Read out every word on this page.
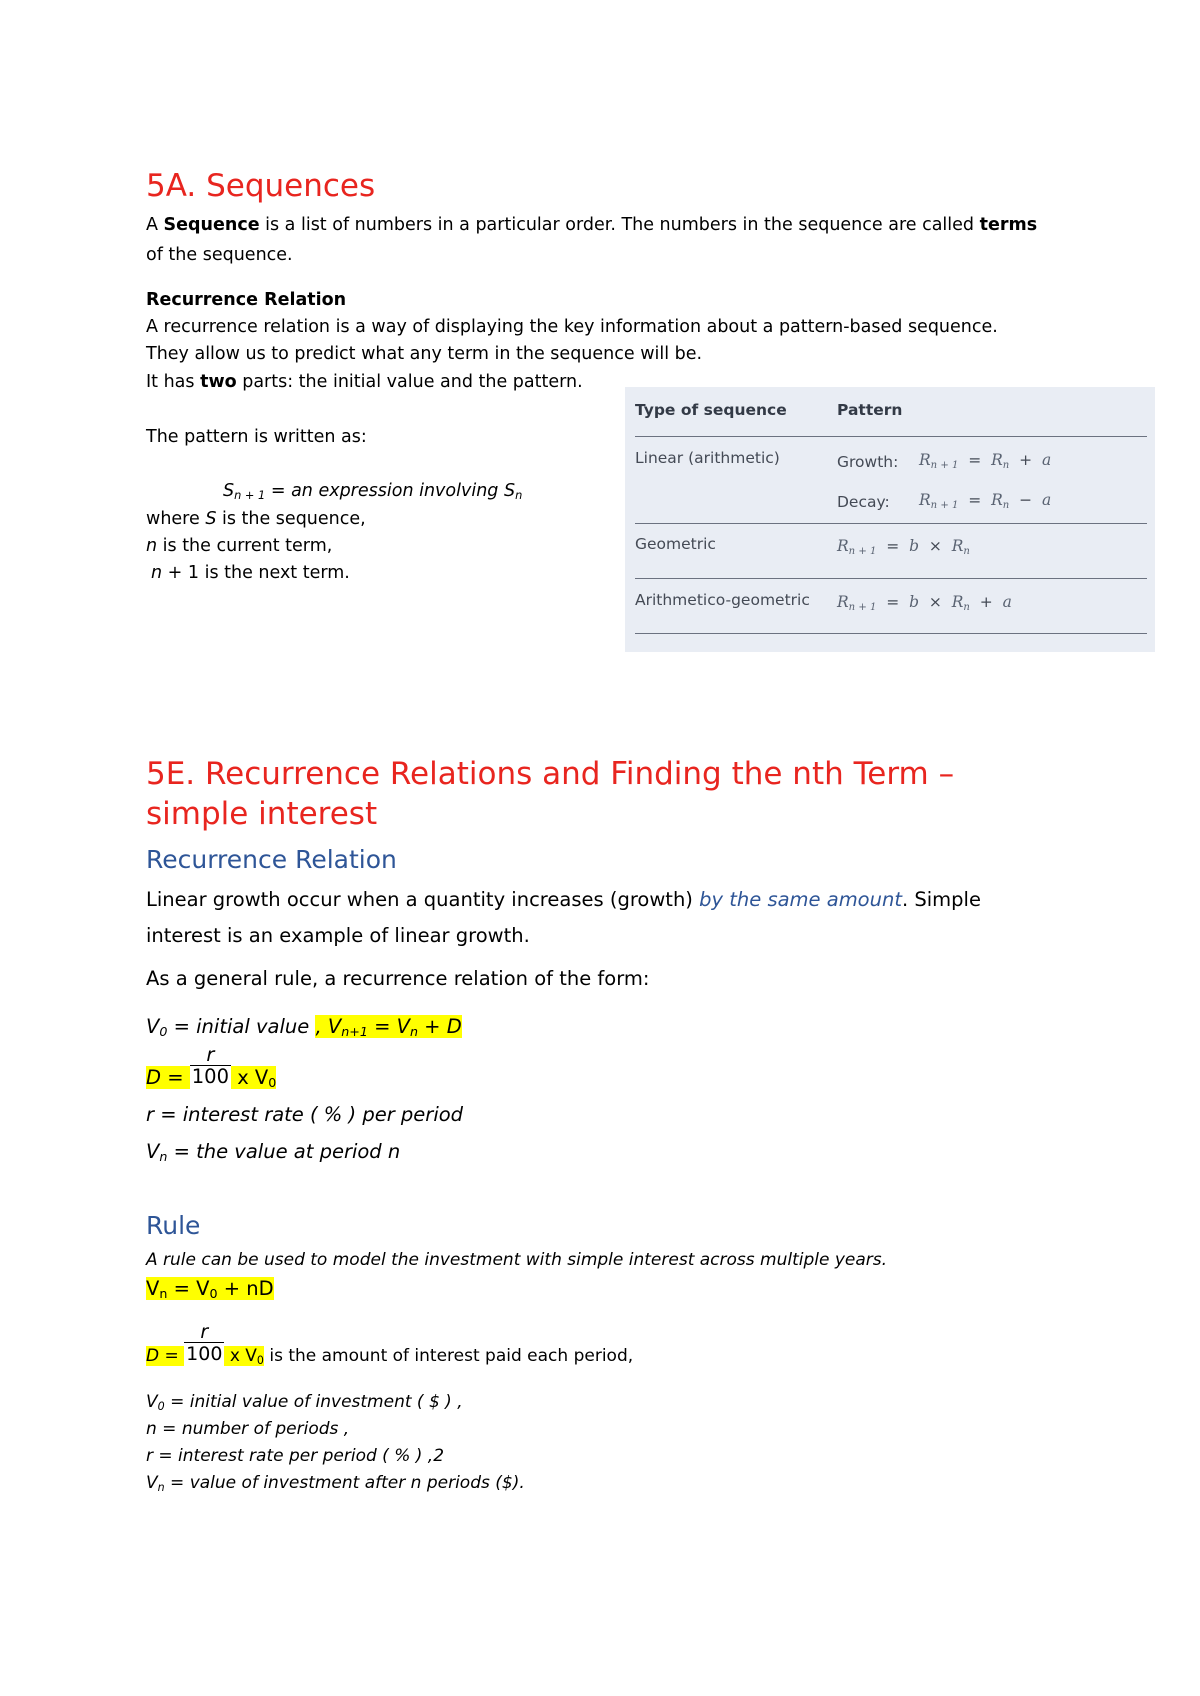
5A. Sequences
A Sequence is a list of numbers in a particular order. The numbers in the sequence are called terms
of the sequence.
Recurrence Relation
A recurrence relation is a way of displaying the key information about a pattern-based sequence.
They allow us to predict what any term in the sequence will be.
It has two parts: the initial value and the pattern.
The pattern is written as:
$S_{n + 1}$ = an expression involving $S_n$
where S is the sequence,
n is the current term,
n + 1 is the next term.
Type of sequence	Pattern
Linear (arithmetic)	Growth: $R_{n + 1} = R_n + a$
Decay: $R_{n + 1} = R_n - a$
Geometric	$R_{n + 1} = b \times R_n$
Arithmetico-geometric $R_{n + 1} = b \times R_n + a$
5E. Recurrence Relations and Finding the nth Term –
simple interest
Recurrence Relation
Linear growth occur when a quantity increases (growth) by the same amount. Simple
interest is an example of linear growth.
As a general rule, a recurrence relation of the form:
$V_0$ = initial value , $V_{n+1} = V_n + D$
$D = \frac{r}{100}$ x $V_0$
r = interest rate ( % ) per period
$V_n$ = the value at period n
Rule
A rule can be used to model the investment with simple interest across multiple years.
$V_n = V_0$ + nD
$D = \frac{r}{100}$ x $V_0$ is the amount of interest paid each period,
$V_0$ = initial value of investment ( $ ) ,
n = number of periods ,
r = interest rate per period ( % ) ,2
$V_n$ = value of investment after n periods ($).
